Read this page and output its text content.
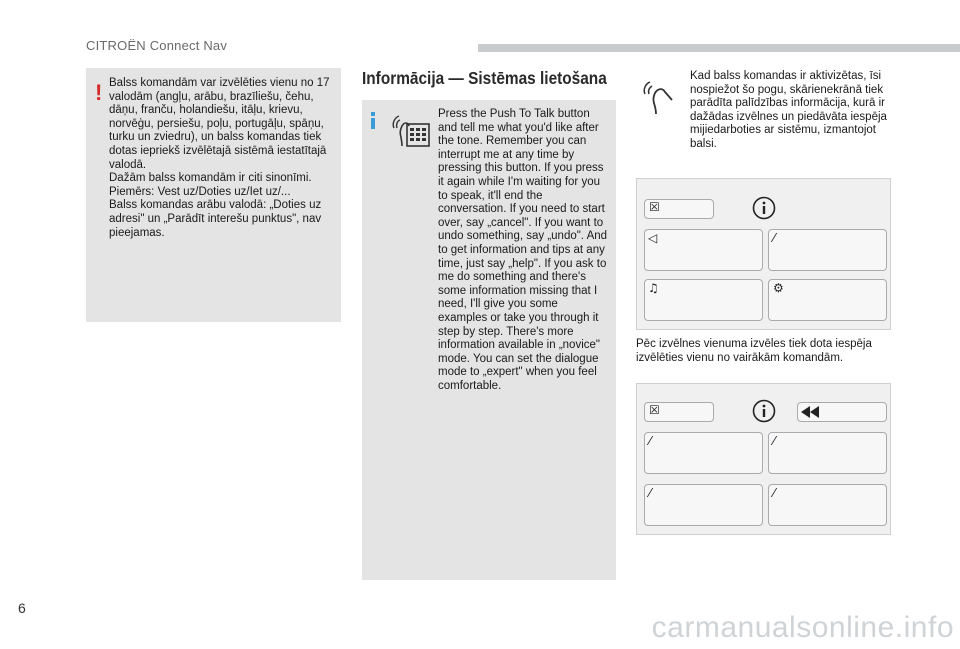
CITROËN Connect Nav
! Balss komandām var izvēlēties vienu no 17 valodām (angļu, arābu, brazīliešu, čehu, dāņu, franču, holandiešu, itāļu, krievu, norvēģu, persiešu, poļu, portugāļu, spāņu, turku un zviedru), un balss komandas tiek dotas iepriekš izvēlētajā sistēmā iestatītajā valodā.
Dažām balss komandām ir citi sinonīmi.
Piemērs: Vest uz/Doties uz/Iet uz/...
Balss komandas arābu valodā: „Doties uz adresi" un „Parādīt interešu punktus", nav pieejamas.
Informācija — Sistēmas lietošana
Press the Push To Talk button and tell me what you'd like after the tone. Remember you can interrupt me at any time by pressing this button. If you press it again while I'm waiting for you to speak, it'll end the conversation. If you need to start over, say „cancel". If you want to undo something, say „undo". And to get information and tips at any time, just say „help". If you ask to me do something and there's some information missing that I need, I'll give you some examples or take you through it step by step. There's more information available in „novice" mode. You can set the dialogue mode to „expert" when you feel comfortable.
Kad balss komandas ir aktivizētas, īsi nospiežot šo pogu, skārienekrānā tiek parādīta palīdzības informācija, kurā ir dažādas izvēlnes un piedāvāta iespēja mijiedarboties ar sistēmu, izmantojot balsi.
☒
◁	⁄
♫	⚙
Pēc izvēlnes vienuma izvēles tiek dota iespēja izvēlēties vienu no vairākām komandām.
☒
⁄	⁄
⁄	⁄
6
carmanualsonline.info
